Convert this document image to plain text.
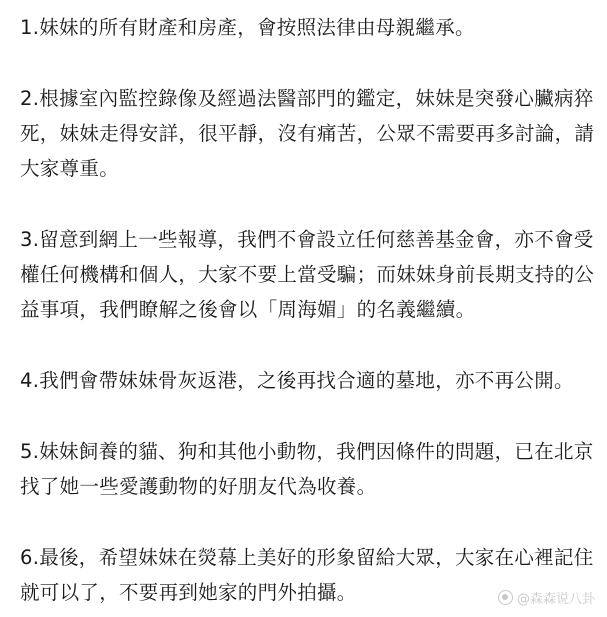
1.妹妹的所有財產和房產，會按照法律由母親繼承。

2.根據室內監控錄像及經過法醫部門的鑑定，妹妹是突發心臟病猝死，妹妹走得安詳，很平靜，沒有痛苦，公眾不需要再多討論，請大家尊重。

3.留意到網上一些報導，我們不會設立任何慈善基金會，亦不會受權任何機構和個人，大家不要上當受騙；而妹妹身前長期支持的公益事項，我們瞭解之後會以「周海媚」的名義繼續。

4.我們會帶妹妹骨灰返港，之後再找合適的墓地，亦不再公開。

5.妹妹飼養的貓、狗和其他小動物，我們因條件的問題，已在北京找了她一些愛護動物的好朋友代為收養。

6.最後，希望妹妹在熒幕上美好的形象留給大眾，大家在心裡記住就可以了，不要再到她家的門外拍攝。	@森森说八卦
